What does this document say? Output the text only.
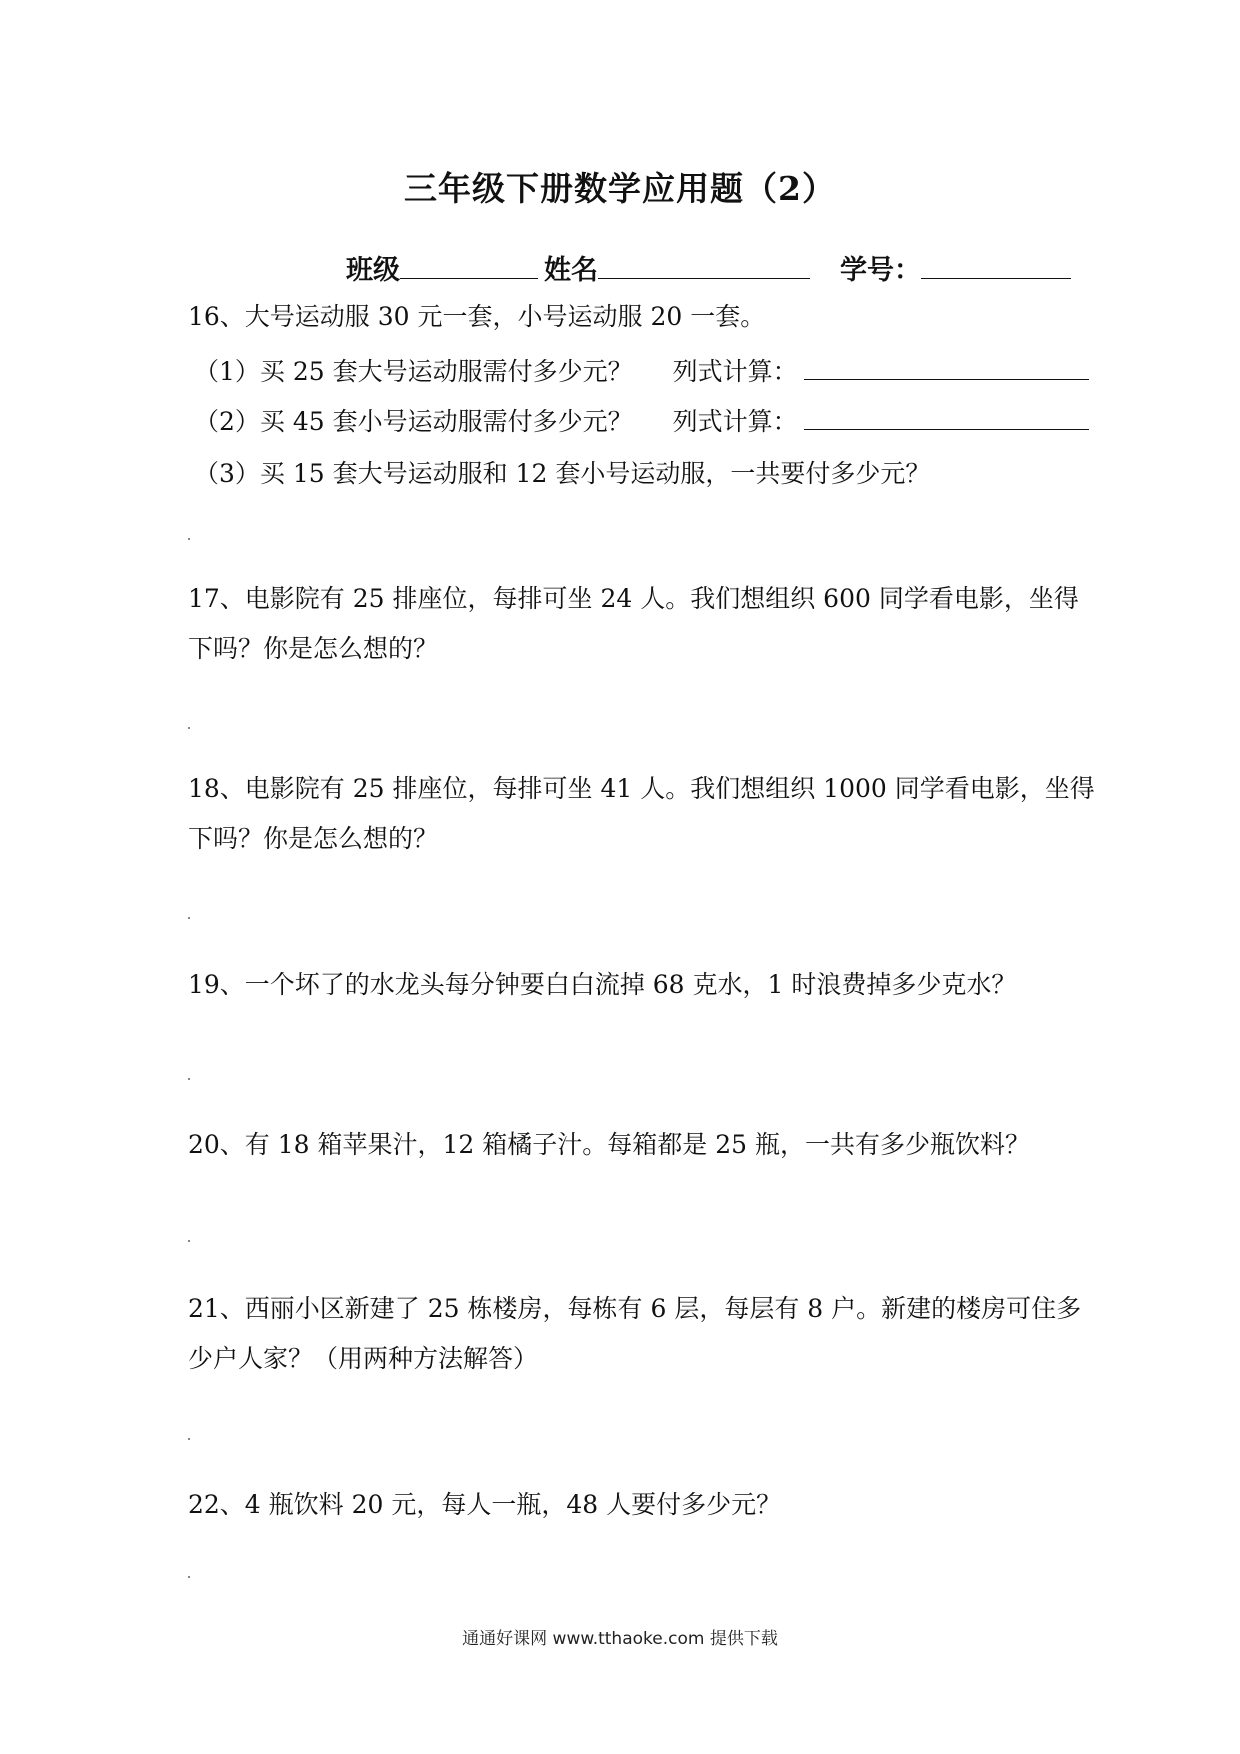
三年级下册数学应用题（2）
班级	姓名	学号：
16、大号运动服 30 元一套，小号运动服 20 一套。
（1）买 25 套大号运动服需付多少元？ 列式计算：
（2）买 45 套小号运动服需付多少元？ 列式计算：
（3）买 15 套大号运动服和 12 套小号运动服，一共要付多少元？
17、电影院有 25 排座位，每排可坐 24 人。我们想组织 600 同学看电影，坐得
下吗？你是怎么想的？
18、电影院有 25 排座位，每排可坐 41 人。我们想组织 1000 同学看电影，坐得
下吗？你是怎么想的？
19、一个坏了的水龙头每分钟要白白流掉 68 克水，1 时浪费掉多少克水？
20、有 18 箱苹果汁，12 箱橘子汁。每箱都是 25 瓶，一共有多少瓶饮料？
21、西丽小区新建了 25 栋楼房，每栋有 6 层，每层有 8 户。新建的楼房可住多
少户人家？（用两种方法解答）
22、4 瓶饮料 20 元，每人一瓶，48 人要付多少元？
通通好课网 www.tthaoke.com 提供下载
